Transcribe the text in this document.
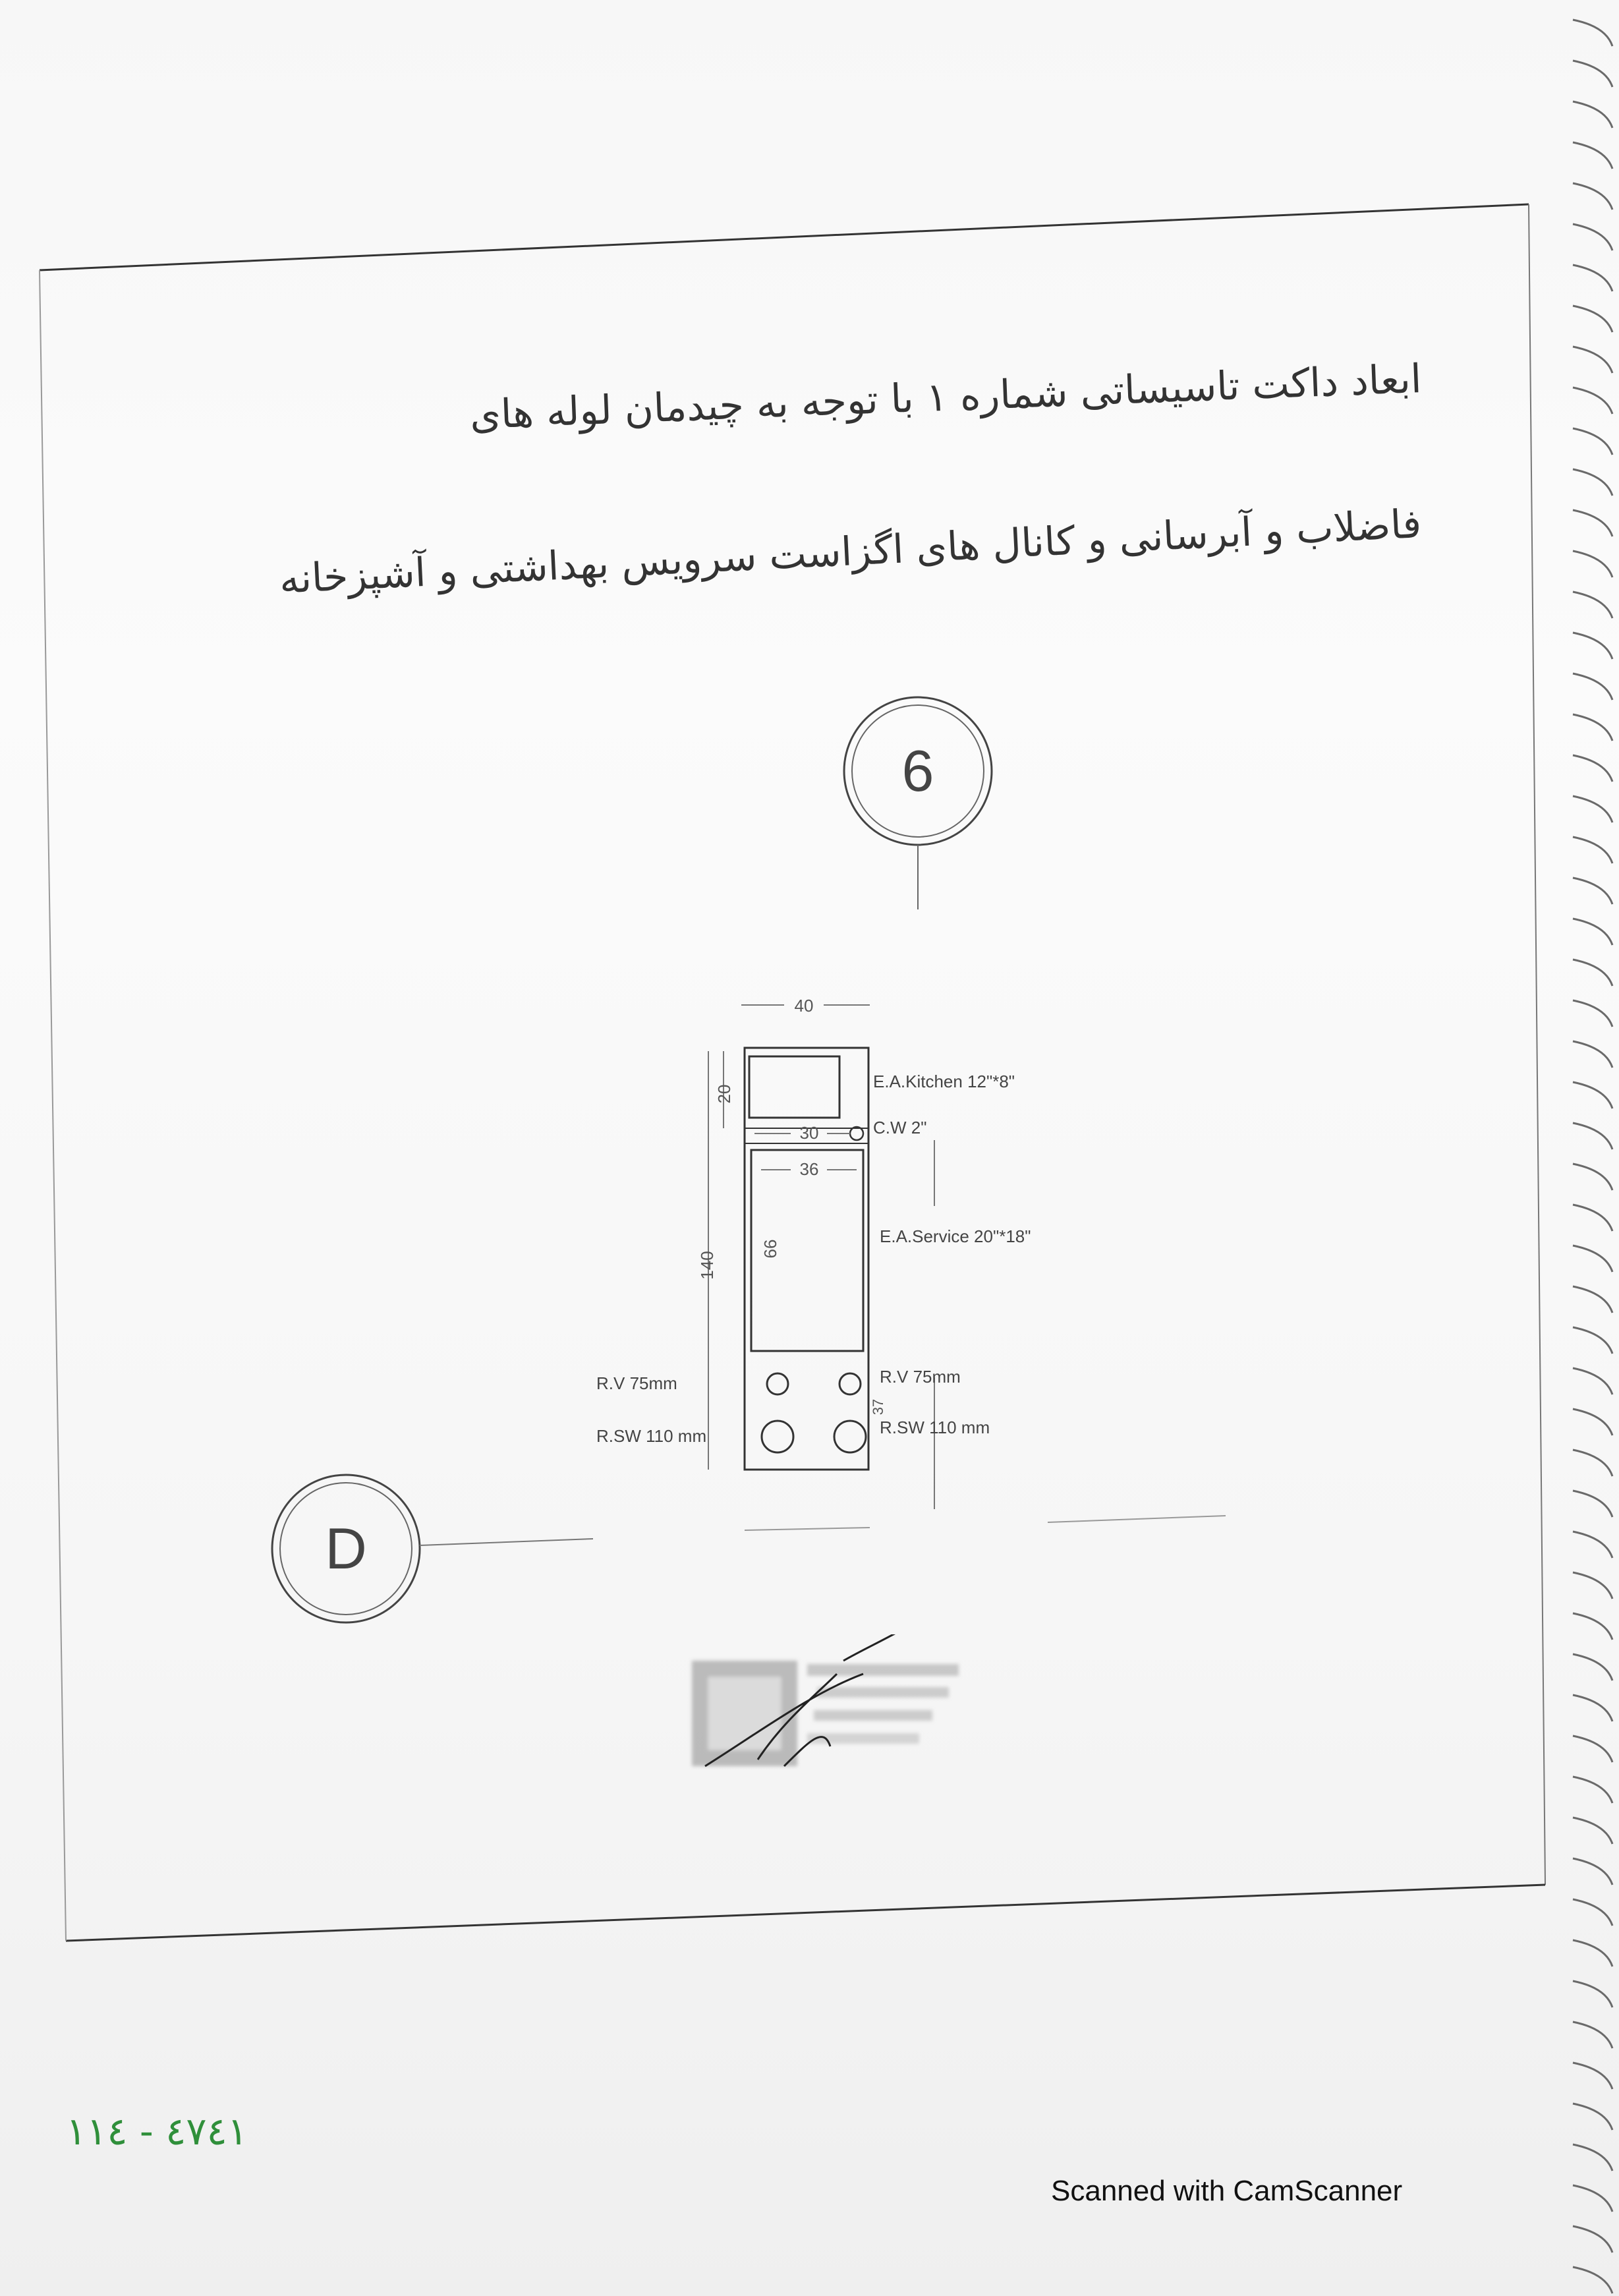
ابعاد داکت تاسیساتی شماره ۱ با توجه به چیدمان لوله های
فاضلاب و آبرسانی و کانال های اگزاست سرویس بهداشتی و آشپزخانه
6
D
40
20
30
36
66
140
37
E.A.Kitchen 12"*8"
C.W 2"
E.A.Service 20"*18"
R.V 75mm
R.SW 110 mm
R.V 75mm
R.SW 110 mm
۱۱٤٧٤١ - ٤
Scanned with CamScanner
